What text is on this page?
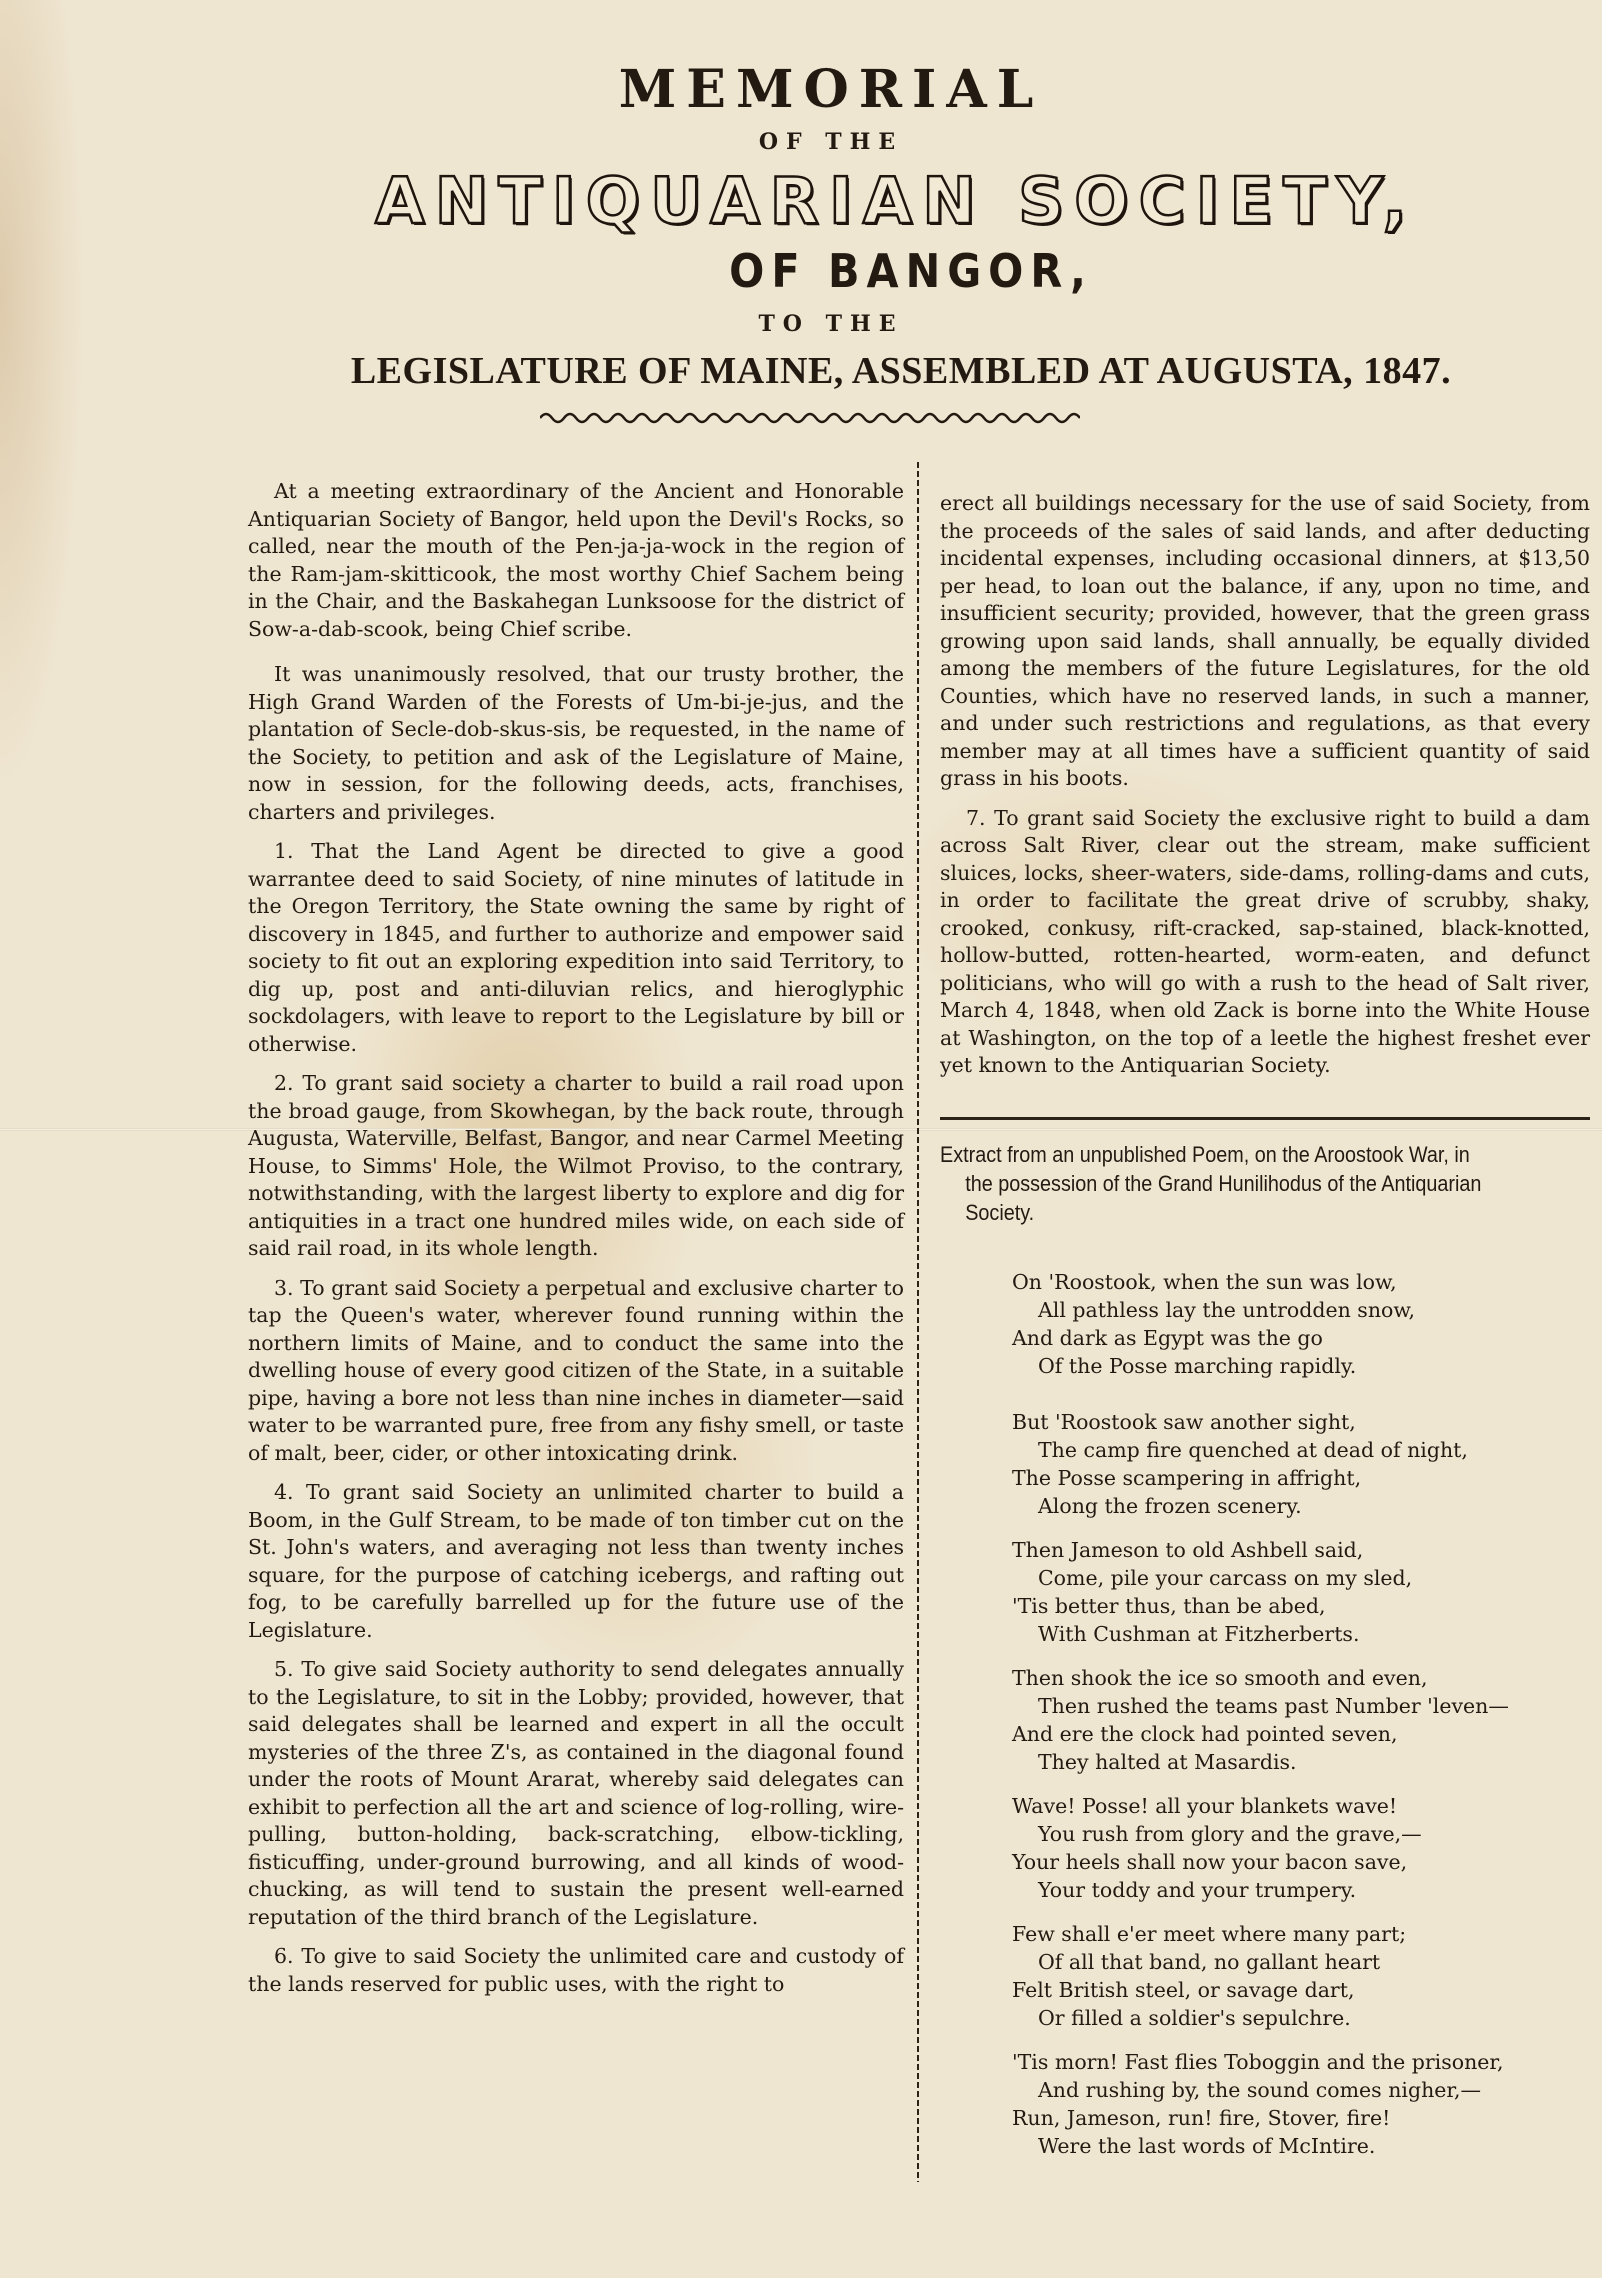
MEMORIAL
OF THE
ANTIQUARIAN SOCIETY,
OF BANGOR,
TO THE
LEGISLATURE OF MAINE, ASSEMBLED AT AUGUSTA, 1847.

At a meeting extraordinary of the Ancient and Honorable Antiquarian Society of Bangor, held upon the Devil's Rocks, so called, near the mouth of the Pen-ja-ja-wock in the region of the Ram-jam-skitticook, the most worthy Chief Sachem being in the Chair, and the Baskahegan Lunksoose for the district of Sow-a-dab-scook, being Chief scribe.

It was unanimously resolved, that our trusty brother, the High Grand Warden of the Forests of Um-bi-je-jus, and the plantation of Secle-dob-skus-sis, be requested, in the name of the Society, to petition and ask of the Legislature of Maine, now in session, for the following deeds, acts, franchises, charters and privileges.

1. That the Land Agent be directed to give a good warrantee deed to said Society, of nine minutes of latitude in the Oregon Territory, the State owning the same by right of discovery in 1845, and further to authorize and empower said society to fit out an exploring expedition into said Territory, to dig up, post and anti-diluvian relics, and hieroglyphic sockdolagers, with leave to report to the Legislature by bill or otherwise.

2. To grant said society a charter to build a rail road upon the broad gauge, from Skowhegan, by the back route, through Augusta, Waterville, Belfast, Bangor, and near Carmel Meeting House, to Simms' Hole, the Wilmot Proviso, to the contrary, notwithstanding, with the largest liberty to explore and dig for antiquities in a tract one hundred miles wide, on each side of said rail road, in its whole length.

3. To grant said Society a perpetual and exclusive charter to tap the Queen's water, wherever found running within the northern limits of Maine, and to conduct the same into the dwelling house of every good citizen of the State, in a suitable pipe, having a bore not less than nine inches in diameter—said water to be warranted pure, free from any fishy smell, or taste of malt, beer, cider, or other intoxicating drink.

4. To grant said Society an unlimited charter to build a Boom, in the Gulf Stream, to be made of ton timber cut on the St. John's waters, and averaging not less than twenty inches square, for the purpose of catching icebergs, and rafting out fog, to be carefully barrelled up for the future use of the Legislature.

5. To give said Society authority to send delegates annually to the Legislature, to sit in the Lobby; provided, however, that said delegates shall be learned and expert in all the occult mysteries of the three Z's, as contained in the diagonal found under the roots of Mount Ararat, whereby said delegates can exhibit to perfection all the art and science of log-rolling, wire-pulling, button-holding, back-scratching, elbow-tickling, fisticuffing, under-ground burrowing, and all kinds of wood-chucking, as will tend to sustain the present well-earned reputation of the third branch of the Legislature.

6. To give to said Society the unlimited care and custody of the lands reserved for public uses, with the right to

erect all buildings necessary for the use of said Society, from the proceeds of the sales of said lands, and after deducting incidental expenses, including occasional dinners, at $13,50 per head, to loan out the balance, if any, upon no time, and insufficient security; provided, however, that the green grass growing upon said lands, shall annually, be equally divided among the members of the future Legislatures, for the old Counties, which have no reserved lands, in such a manner, and under such restrictions and regulations, as that every member may at all times have a sufficient quantity of said grass in his boots.

7. To grant said Society the exclusive right to build a dam across Salt River, clear out the stream, make sufficient sluices, locks, sheer-waters, side-dams, rolling-dams and cuts, in order to facilitate the great drive of scrubby, shaky, crooked, conkusy, rift-cracked, sap-stained, black-knotted, hollow-butted, rotten-hearted, worm-eaten, and defunct politicians, who will go with a rush to the head of Salt river, March 4, 1848, when old Zack is borne into the White House at Washington, on the top of a leetle the highest freshet ever yet known to the Antiquarian Society.

Extract from an unpublished Poem, on the Aroostook War, in
the possession of the Grand Hunilihodus of the Antiquarian
Society.
On 'Roostook, when the sun was low,
All pathless lay the untrodden snow,
And dark as Egypt was the go
Of the Posse marching rapidly.
But 'Roostook saw another sight,
The camp fire quenched at dead of night,
The Posse scampering in affright,
Along the frozen scenery.
Then Jameson to old Ashbell said,
Come, pile your carcass on my sled,
'Tis better thus, than be abed,
With Cushman at Fitzherberts.
Then shook the ice so smooth and even,
Then rushed the teams past Number 'leven—
And ere the clock had pointed seven,
They halted at Masardis.
Wave! Posse! all your blankets wave!
You rush from glory and the grave,—
Your heels shall now your bacon save,
Your toddy and your trumpery.
Few shall e'er meet where many part;
Of all that band, no gallant heart
Felt British steel, or savage dart,
Or filled a soldier's sepulchre.
'Tis morn! Fast flies Toboggin and the prisoner,
And rushing by, the sound comes nigher,—
Run, Jameson, run! fire, Stover, fire!
Were the last words of McIntire.
